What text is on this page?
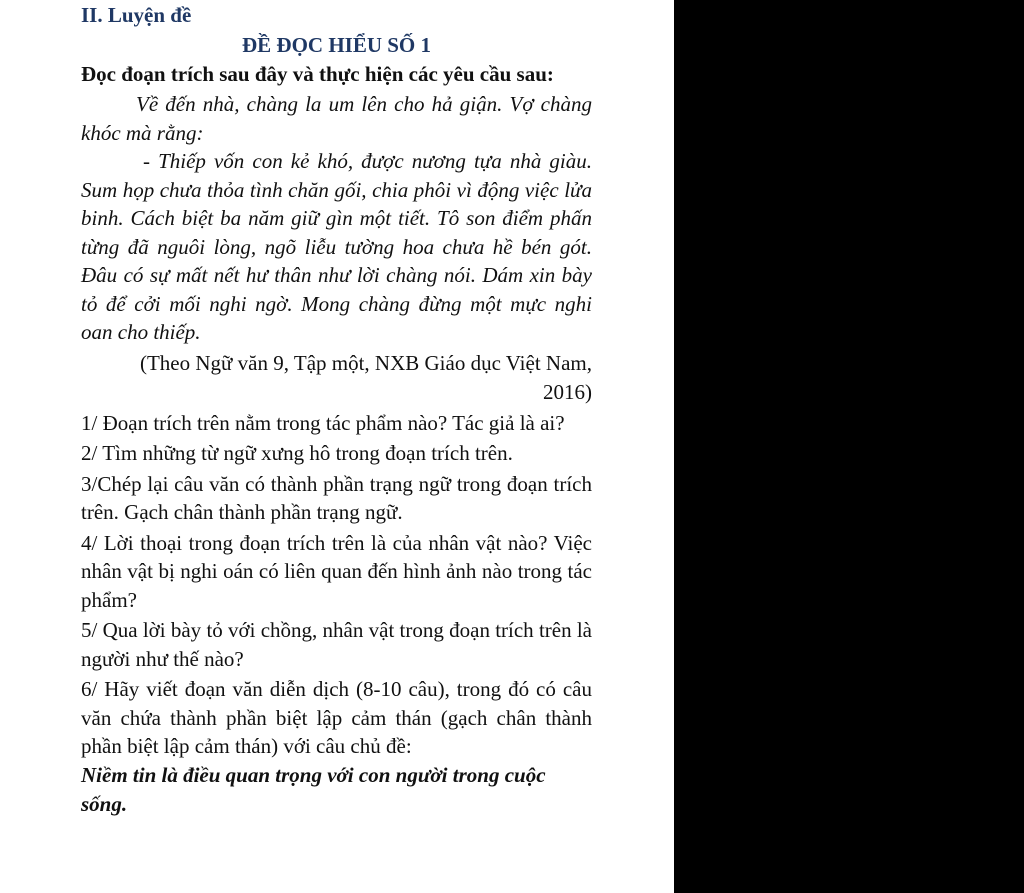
II. Luyện đề
ĐỀ ĐỌC HIỂU SỐ 1
Đọc đoạn trích sau đây và thực hiện các yêu cầu sau:
Về đến nhà, chàng la um lên cho hả giận. Vợ chàng khóc mà rằng:
- Thiếp vốn con kẻ khó, được nương tựa nhà giàu. Sum họp chưa thỏa tình chăn gối, chia phôi vì động việc lửa binh. Cách biệt ba năm giữ gìn một tiết. Tô son điểm phấn từng đã nguôi lòng, ngõ liễu tường hoa chưa hề bén gót. Đâu có sự mất nết hư thân như lời chàng nói. Dám xin bày tỏ để cởi mối nghi ngờ. Mong chàng đừng một mực nghi oan cho thiếp.
(Theo Ngữ văn 9, Tập một, NXB Giáo dục Việt Nam, 2016)
1/ Đoạn trích trên nằm trong tác phẩm nào? Tác giả là ai?
2/ Tìm những từ ngữ xưng hô trong đoạn trích trên.
3/Chép lại câu văn có thành phần trạng ngữ trong đoạn trích trên. Gạch chân thành phần trạng ngữ.
4/ Lời thoại trong đoạn trích trên là của nhân vật nào? Việc nhân vật bị nghi oán có liên quan đến hình ảnh nào trong tác phẩm?
5/ Qua lời bày tỏ với chồng, nhân vật trong đoạn trích trên là người như thế nào?
6/ Hãy viết đoạn văn diễn dịch (8-10 câu), trong đó có câu văn chứa thành phần biệt lập cảm thán (gạch chân thành phần biệt lập cảm thán) với câu chủ đề:
Niềm tin là điều quan trọng với con người trong cuộc sống.
